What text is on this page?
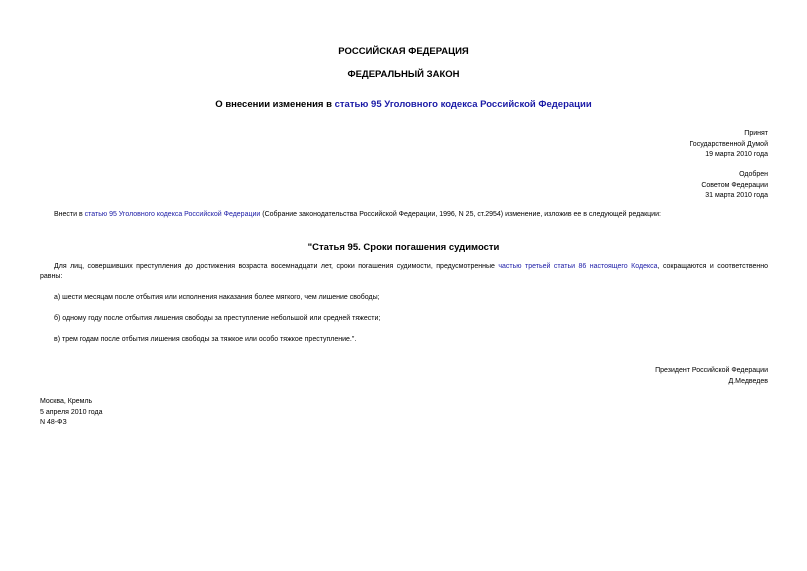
РОССИЙСКАЯ ФЕДЕРАЦИЯ
ФЕДЕРАЛЬНЫЙ ЗАКОН
О внесении изменения в статью 95 Уголовного кодекса Российской Федерации
Принят
Государственной Думой
19 марта 2010 года
Одобрен
Советом Федерации
31 марта 2010 года
Внести в статью 95 Уголовного кодекса Российской Федерации (Собрание законодательства Российской Федерации, 1996, N 25, ст.2954) изменение, изложив ее в следующей редакции:
"Статья 95. Сроки погашения судимости
Для лиц, совершивших преступления до достижения возраста восемнадцати лет, сроки погашения судимости, предусмотренные частью третьей статьи 86 настоящего Кодекса, сокращаются и соответственно
равны:
а) шести месяцам после отбытия или исполнения наказания более мягкого, чем лишение свободы;
б) одному году после отбытия лишения свободы за преступление небольшой или средней тяжести;
в) трем годам после отбытия лишения свободы за тяжкое или особо тяжкое преступление.".
Президент Российской Федерации
Д.Медведев
Москва, Кремль
5 апреля 2010 года
N 48-ФЗ
